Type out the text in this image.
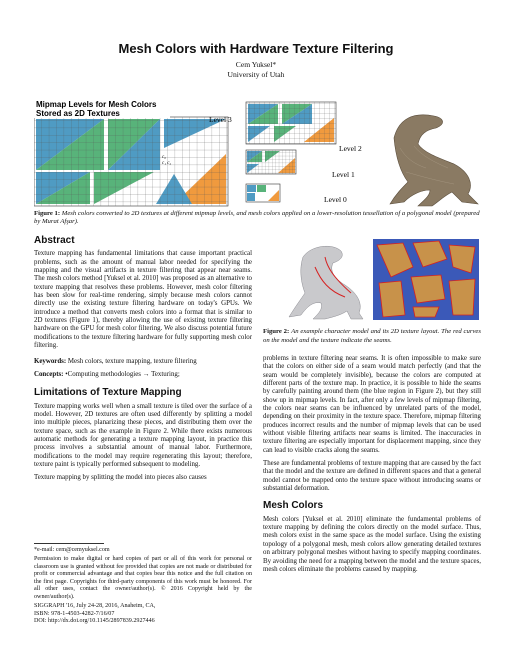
Mesh Colors with Hardware Texture Filtering
Cem Yuksel*
University of Utah
c₀
c₁ c₂
Mipmap Levels for Mesh Colors
Stored as 2D Textures
Level 3
Level 2
Level 1
Level 0
Figure 1: Mesh colors converted to 2D textures at different mipmap levels, and mesh colors applied on a lower-resolution tessellation of a polygonal model (prepared by Murat Afşar).
Abstract

Texture mapping has fundamental limitations that cause important practical problems, such as the amount of manual labor needed for specifying the mapping and the visual artifacts in texture filtering that appear near seams. The mesh colors method [Yuksel et al. 2010] was proposed as an alternative to texture mapping that resolves these problems. However, mesh color filtering has been slow for real-time rendering, simply because mesh colors cannot directly use the existing texture filtering hardware on today's GPUs. We introduce a method that converts mesh colors into a format that is similar to 2D textures (Figure 1), thereby allowing the use of existing texture filtering hardware on the GPU for mesh color filtering. We also discuss potential future modifications to the texture filtering hardware for fully supporting mesh color filtering.

Keywords: Mesh colors, texture mapping, texture filtering

Concepts: •Computing methodologies → Texturing;

Limitations of Texture Mapping

Texture mapping works well when a small texture is tiled over the surface of a model. However, 2D textures are often used differently by splitting a model into multiple pieces, planarizing these pieces, and distributing them over the texture space, such as the example in Figure 2. While there exists numerous automatic methods for generating a texture mapping layout, in practice this process involves a substantial amount of manual labor. Furthermore, modifications to the model may require regenerating this layout; therefore, texture paint is typically performed subsequent to modeling.

Texture mapping by splitting the model into pieces also causes

*e-mail: cem@cemyuksel.com

Permission to make digital or hard copies of part or all of this work for personal or classroom use is granted without fee provided that copies are not made or distributed for profit or commercial advantage and that copies bear this notice and the full citation on the first page. Copyrights for third-party components of this work must be honored. For all other uses, contact the owner/author(s). © 2016 Copyright held by the owner/author(s).

SIGGRAPH '16, July 24-28, 2016, Anaheim, CA,
ISBN: 978-1-4503-4282-7/16/07
DOI: http://dx.doi.org/10.1145/2897839.2927446
Figure 2: An example character model and its 2D texture layout. The red curves on the model and the texture indicate the seams.

problems in texture filtering near seams. It is often impossible to make sure that the colors on either side of a seam would match perfectly (and that the seam would be completely invisible), because the colors are computed at different parts of the texture map. In practice, it is possible to hide the seams by carefully painting around them (the blue region in Figure 2), but they still show up in mipmap levels. In fact, after only a few levels of mipmap filtering, the colors near seams can be influenced by unrelated parts of the model, depending on their proximity in the texture space. Therefore, mipmap filtering produces incorrect results and the number of mipmap levels that can be used without visible filtering artifacts near seams is limited. The inaccuracies in texture filtering are especially important for displacement mapping, since they can lead to visible cracks along the seams.

These are fundamental problems of texture mapping that are caused by the fact that the model and the texture are defined in different spaces and that a general model cannot be mapped onto the texture space without introducing seams or substantial deformation.

Mesh Colors

Mesh colors [Yuksel et al. 2010] eliminate the fundamental problems of texture mapping by defining the colors directly on the model surface. Thus, mesh colors exist in the same space as the model surface. Using the existing topology of a polygonal mesh, mesh colors allow generating detailed textures on arbitrary polygonal meshes without having to specify mapping coordinates. By avoiding the need for a mapping between the model and the texture spaces, mesh colors eliminate the problems caused by mapping.
